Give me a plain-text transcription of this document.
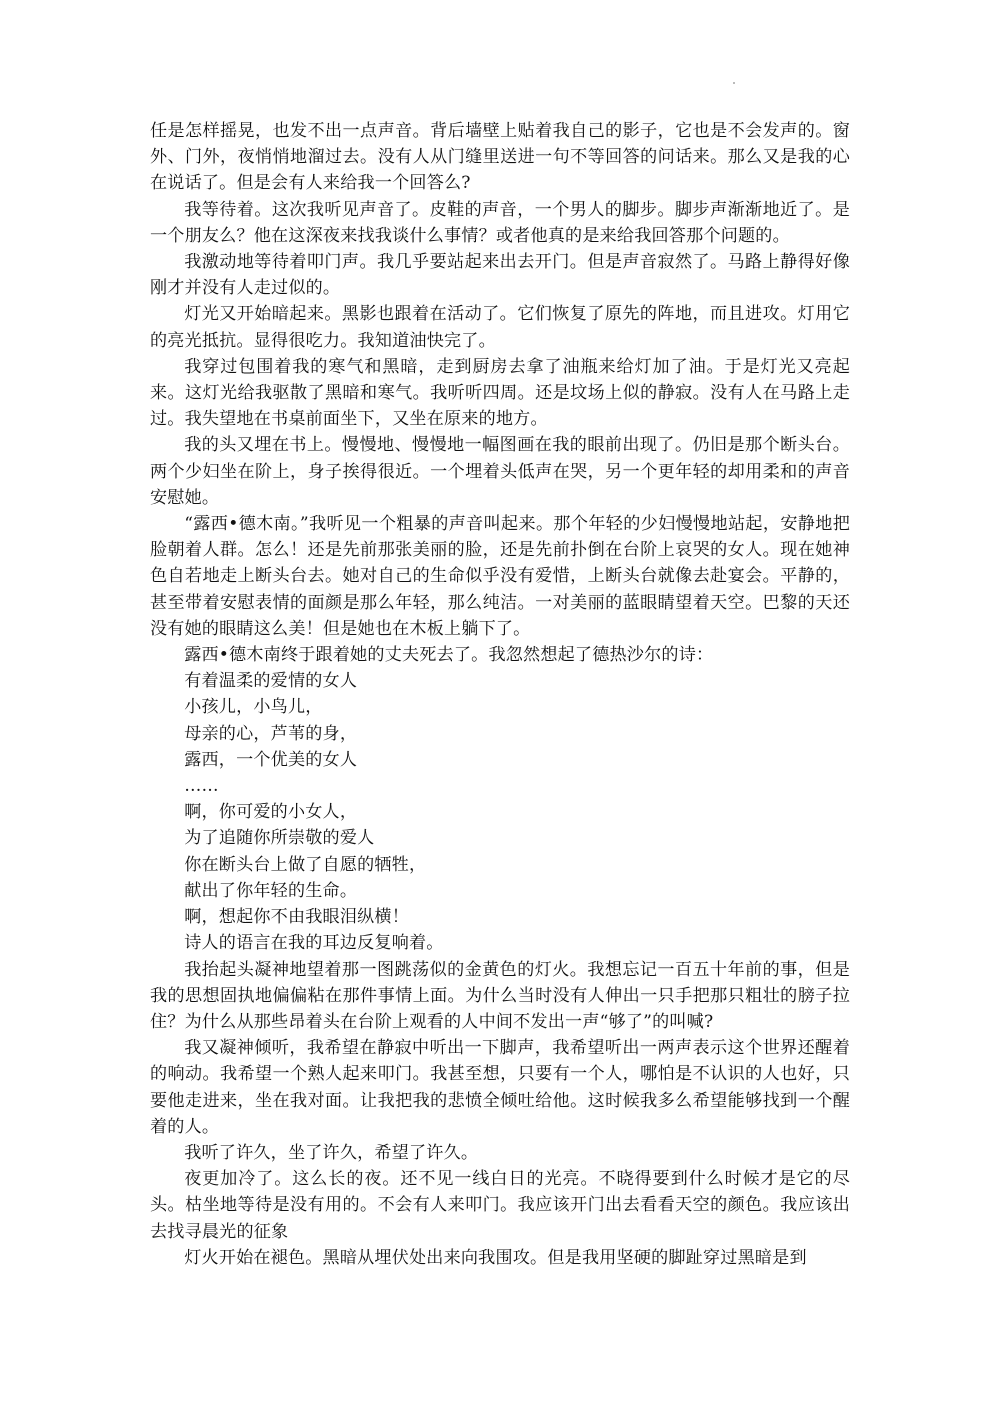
任是怎样摇晃，也发不出一点声音。背后墙壁上贴着我自己的影子，它也是不会发声的。窗外、门外，夜悄悄地溜过去。没有人从门缝里送进一句不等回答的问话来。那么又是我的心在说话了。但是会有人来给我一个回答么?

我等待着。这次我听见声音了。皮鞋的声音，一个男人的脚步。脚步声渐渐地近了。是一个朋友么？他在这深夜来找我谈什么事情？或者他真的是来给我回答那个问题的。

我激动地等待着叩门声。我几乎要站起来出去开门。但是声音寂然了。马路上静得好像刚才并没有人走过似的。

灯光又开始暗起来。黑影也跟着在活动了。它们恢复了原先的阵地，而且进攻。灯用它的亮光抵抗。显得很吃力。我知道油快完了。

我穿过包围着我的寒气和黑暗，走到厨房去拿了油瓶来给灯加了油。于是灯光又亮起来。这灯光给我驱散了黑暗和寒气。我听听四周。还是坟场上似的静寂。没有人在马路上走过。我失望地在书桌前面坐下，又坐在原来的地方。

我的头又埋在书上。慢慢地、慢慢地一幅图画在我的眼前出现了。仍旧是那个断头台。两个少妇坐在阶上，身子挨得很近。一个埋着头低声在哭，另一个更年轻的却用柔和的声音安慰她。

“露西•德木南。”我听见一个粗暴的声音叫起来。那个年轻的少妇慢慢地站起，安静地把脸朝着人群。怎么！还是先前那张美丽的脸，还是先前扑倒在台阶上哀哭的女人。现在她神色自若地走上断头台去。她对自己的生命似乎没有爱惜，上断头台就像去赴宴会。平静的，甚至带着安慰表情的面颜是那么年轻，那么纯洁。一对美丽的蓝眼睛望着天空。巴黎的天还没有她的眼睛这么美！但是她也在木板上躺下了。

露西•德木南终于跟着她的丈夫死去了。我忽然想起了德热沙尔的诗：

有着温柔的爱情的女人

小孩儿，小鸟儿，

母亲的心，芦苇的身，

露西，一个优美的女人

……

啊，你可爱的小女人，

为了追随你所崇敬的爱人

你在断头台上做了自愿的牺牲，

献出了你年轻的生命。

啊，想起你不由我眼泪纵横！

诗人的语言在我的耳边反复响着。

我抬起头凝神地望着那一图跳荡似的金黄色的灯火。我想忘记一百五十年前的事，但是我的思想固执地偏偏粘在那件事情上面。为什么当时没有人伸出一只手把那只粗壮的膀子拉住？为什么从那些昂着头在台阶上观看的人中间不发出一声“够了”的叫喊?

我又凝神倾听，我希望在静寂中听出一下脚声，我希望听出一两声表示这个世界还醒着的响动。我希望一个熟人起来叩门。我甚至想，只要有一个人，哪怕是不认识的人也好，只要他走进来，坐在我对面。让我把我的悲愤全倾吐给他。这时候我多么希望能够找到一个醒着的人。

我听了许久，坐了许久，希望了许久。

夜更加冷了。这么长的夜。还不见一线白日的光亮。不晓得要到什么时候才是它的尽头。枯坐地等待是没有用的。不会有人来叩门。我应该开门出去看看天空的颜色。我应该出去找寻晨光的征象

灯火开始在褪色。黑暗从埋伏处出来向我围攻。但是我用坚硬的脚趾穿过黑暗是到
